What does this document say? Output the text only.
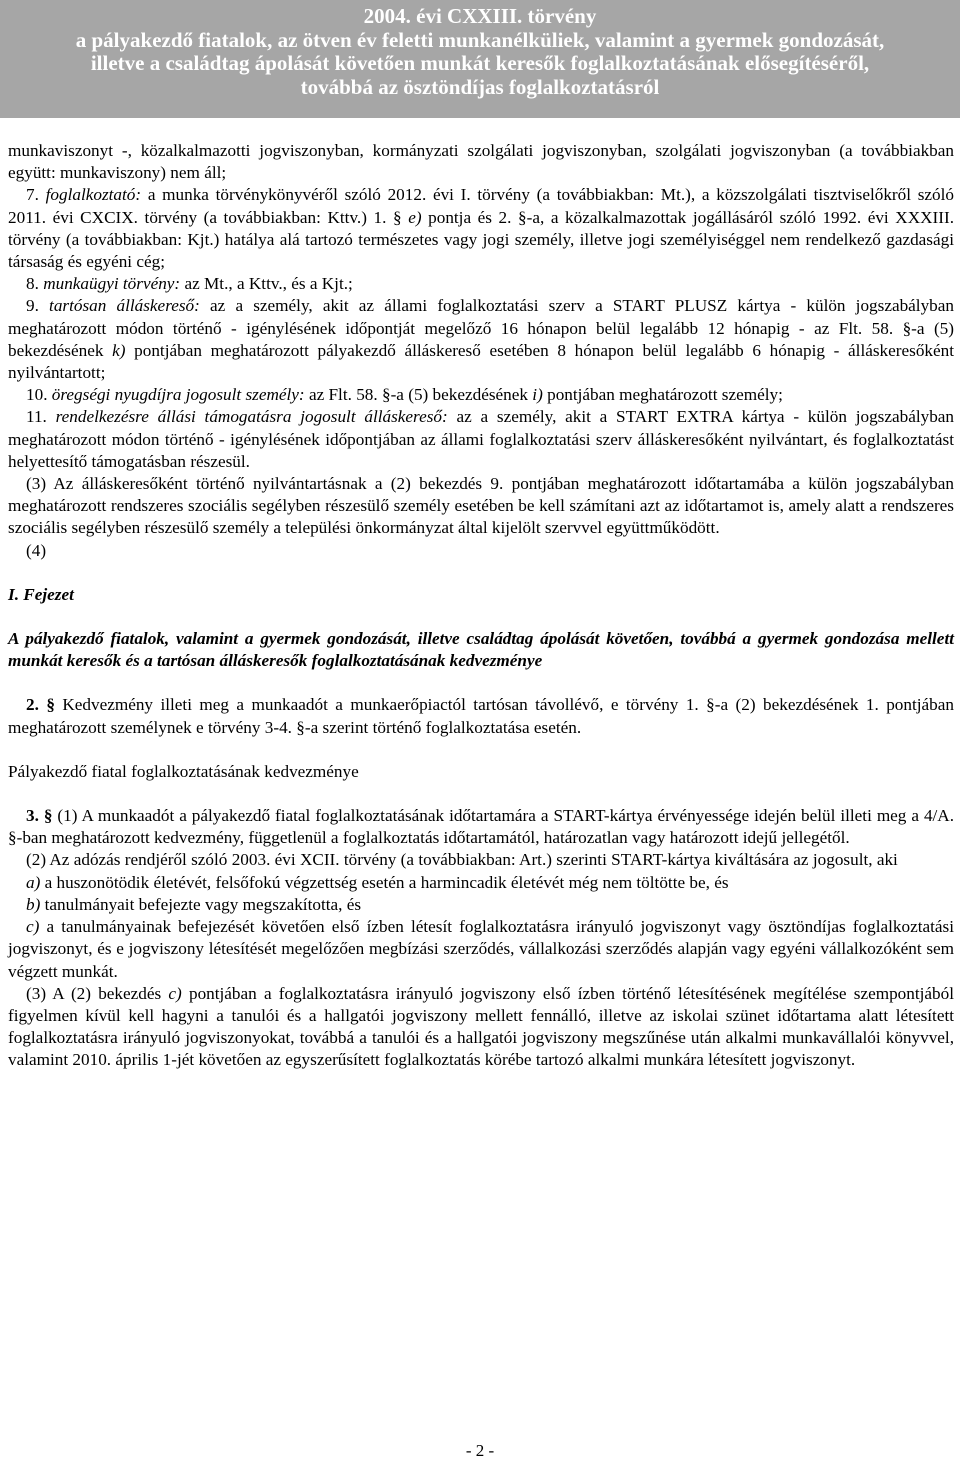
2004. évi CXXIII. törvény
a pályakezdő fiatalok, az ötven év feletti munkanélküliek, valamint a gyermek gondozását,
illetve a családtag ápolását követően munkát keresők foglalkoztatásának elősegítéséről,
továbbá az ösztöndíjas foglalkoztatásról

munkaviszonyt -, közalkalmazotti jogviszonyban, kormányzati szolgálati jogviszonyban, szolgálati jogviszonyban (a továbbiakban együtt: munkaviszony) nem áll;

7. foglalkoztató: a munka törvénykönyvéről szóló 2012. évi I. törvény (a továbbiakban: Mt.), a közszolgálati tisztviselőkről szóló 2011. évi CXCIX. törvény (a továbbiakban: Kttv.) 1. § e) pontja és 2. §-a, a közalkalmazottak jogállásáról szóló 1992. évi XXXIII. törvény (a továbbiakban: Kjt.) hatálya alá tartozó természetes vagy jogi személy, illetve jogi személyiséggel nem rendelkező gazdasági társaság és egyéni cég;

8. munkaügyi törvény: az Mt., a Kttv., és a Kjt.;

9. tartósan álláskereső: az a személy, akit az állami foglalkoztatási szerv a START PLUSZ kártya - külön jogszabályban meghatározott módon történő - igénylésének időpontját megelőző 16 hónapon belül legalább 12 hónapig - az Flt. 58. §-a (5) bekezdésének k) pontjában meghatározott pályakezdő álláskereső esetében 8 hónapon belül legalább 6 hónapig - álláskeresőként nyilvántartott;

10. öregségi nyugdíjra jogosult személy: az Flt. 58. §-a (5) bekezdésének i) pontjában meghatározott személy;

11. rendelkezésre állási támogatásra jogosult álláskereső: az a személy, akit a START EXTRA kártya - külön jogszabályban meghatározott módon történő - igénylésének időpontjában az állami foglalkoztatási szerv álláskeresőként nyilvántart, és foglalkoztatást helyettesítő támogatásban részesül.

(3) Az álláskeresőként történő nyilvántartásnak a (2) bekezdés 9. pontjában meghatározott időtartamába a külön jogszabályban meghatározott rendszeres szociális segélyben részesülő személy esetében be kell számítani azt az időtartamot is, amely alatt a rendszeres szociális segélyben részesülő személy a települési önkormányzat által kijelölt szervvel együttműködött.

(4)

I. Fejezet

A pályakezdő fiatalok, valamint a gyermek gondozását, illetve családtag ápolását követően, továbbá a gyermek gondozása mellett munkát keresők és a tartósan álláskeresők foglalkoztatásának kedvezménye

2. § Kedvezmény illeti meg a munkaadót a munkaerőpiactól tartósan távollévő, e törvény 1. §-a (2) bekezdésének 1. pontjában meghatározott személynek e törvény 3-4. §-a szerint történő foglalkoztatása esetén.

Pályakezdő fiatal foglalkoztatásának kedvezménye

3. § (1) A munkaadót a pályakezdő fiatal foglalkoztatásának időtartamára a START-kártya érvényessége idején belül illeti meg a 4/A. §-ban meghatározott kedvezmény, függetlenül a foglalkoztatás időtartamától, határozatlan vagy határozott idejű jellegétől.

(2) Az adózás rendjéről szóló 2003. évi XCII. törvény (a továbbiakban: Art.) szerinti START-kártya kiváltására az jogosult, aki

a) a huszonötödik életévét, felsőfokú végzettség esetén a harmincadik életévét még nem töltötte be, és

b) tanulmányait befejezte vagy megszakította, és

c) a tanulmányainak befejezését követően első ízben létesít foglalkoztatásra irányuló jogviszonyt vagy ösztöndíjas foglalkoztatási jogviszonyt, és e jogviszony létesítését megelőzően megbízási szerződés, vállalkozási szerződés alapján vagy egyéni vállalkozóként sem végzett munkát.

(3) A (2) bekezdés c) pontjában a foglalkoztatásra irányuló jogviszony első ízben történő létesítésének megítélése szempontjából figyelmen kívül kell hagyni a tanulói és a hallgatói jogviszony mellett fennálló, illetve az iskolai szünet időtartama alatt létesített foglalkoztatásra irányuló jogviszonyokat, továbbá a tanulói és a hallgatói jogviszony megszűnése után alkalmi munkavállalói könyvvel, valamint 2010. április 1-jét követően az egyszerűsített foglalkoztatás körébe tartozó alkalmi munkára létesített jogviszonyt.

- 2 -
